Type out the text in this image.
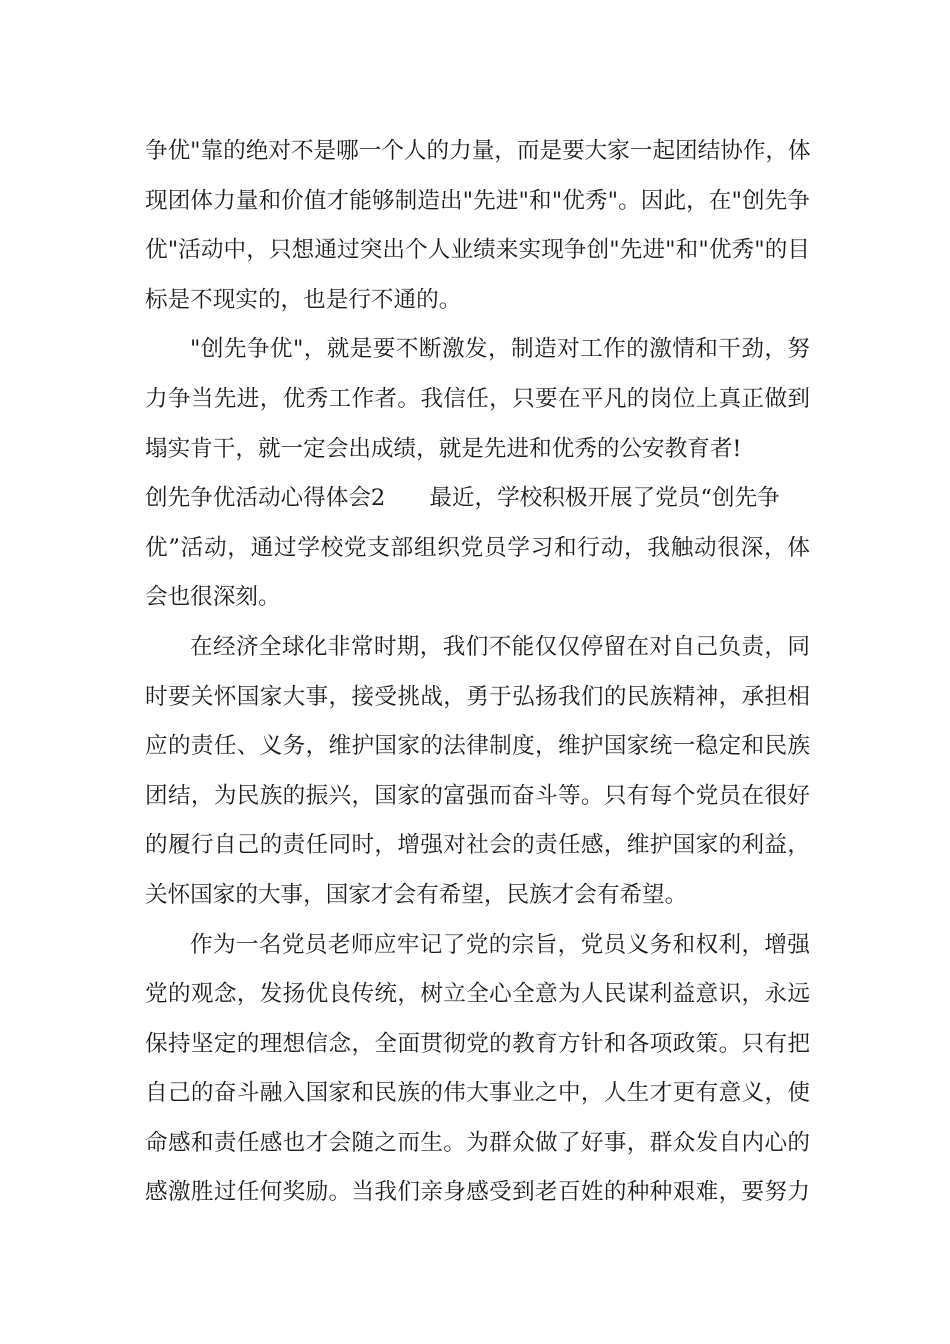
争优"靠的绝对不是哪一个人的力量，而是要大家一起团结协作，体
现团体力量和价值才能够制造出"先进"和"优秀"。因此，在"创先争
优"活动中，只想通过突出个人业绩来实现争创"先进"和"优秀"的目
标是不现实的，也是行不通的。
"创先争优"，就是要不断激发，制造对工作的激情和干劲，努
力争当先进，优秀工作者。我信任，只要在平凡的岗位上真正做到
塌实肯干，就一定会出成绩，就是先进和优秀的公安教育者!
创先争优活动心得体会2 最近，学校积极开展了党员“创先争
优”活动，通过学校党支部组织党员学习和行动，我触动很深，体
会也很深刻。
在经济全球化非常时期，我们不能仅仅停留在对自己负责，同
时要关怀国家大事，接受挑战，勇于弘扬我们的民族精神，承担相
应的责任、义务，维护国家的法律制度，维护国家统一稳定和民族
团结，为民族的振兴，国家的富强而奋斗等。只有每个党员在很好
的履行自己的责任同时，增强对社会的责任感，维护国家的利益，
关怀国家的大事，国家才会有希望，民族才会有希望。
作为一名党员老师应牢记了党的宗旨，党员义务和权利，增强
党的观念，发扬优良传统，树立全心全意为人民谋利益意识，永远
保持坚定的理想信念，全面贯彻党的教育方针和各项政策。只有把
自己的奋斗融入国家和民族的伟大事业之中，人生才更有意义，使
命感和责任感也才会随之而生。为群众做了好事，群众发自内心的
感激胜过任何奖励。当我们亲身感受到老百姓的种种艰难，要努力
